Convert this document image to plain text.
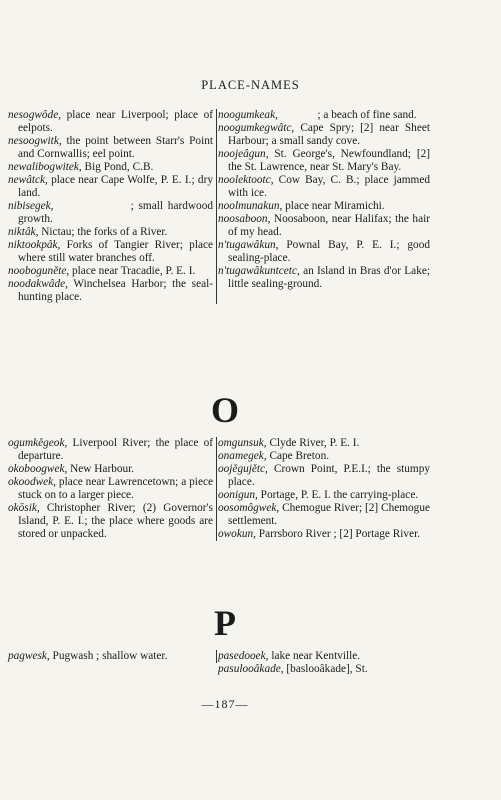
PLACE-NAMES
nesogwôde, place near Liverpool; place of eelpots.
nesoogwitk, the point between Starr's Point and Cornwallis; eel point.
newalibogwitek, Big Pond, C.B.
newâtck, place near Cape Wolfe, P. E. I.; dry land.
nibisegek,                ; small hardwood growth.
niktâk, Nictau; the forks of a River.
niktookpâk, Forks of Tangier River; place where still water branches off.
nooboguněte, place near Tracadie, P. E. I.
noodakwâde, Winchelsea Harbor; the seal-hunting place.
noogumkeak,              ; a beach of fine sand.
noogumkegwâtc, Cape Spry; [2] near Sheet Harbour; a small sandy cove.
noojeâgun, St. George's, Newfoundland; [2] the St. Lawrence, near St. Mary's Bay.
noolektootc, Cow Bay, C. B.; place jammed with ice.
noolmunakun, place near Miramichi.
noosaboon, Noosaboon, near Halifax; the hair of my head.
n'tugawâkun, Pownal Bay, P. E. I.; good sealing-place.
n'tugawâkuntcetc, an Island in Bras d'or Lake; little sealing-ground.
O
ogumkěgeok, Liverpool River; the place of departure.
okoboogwek, New Harbour.
okoodwek, place near Lawrencetown; a piece stuck on to a larger piece.
okōsik, Christopher River; (2) Governor's Island, P. E. I.; the place where goods are stored or unpacked.
omgunsuk, Clyde River, P. E. I.
onamegek, Cape Breton.
oojěgujětc, Crown Point, P.E.I.; the stumpy place.
oonigun, Portage, P. E. I. the carrying-place.
oosomôgwek, Chemogue River; [2] Chemogue settlement.
owokun, Parrsboro River ; [2] Portage River.
P
pagwesk, Pugwash ; shallow water.	pasedooek, lake near Kentville.
pasulooâkade, [baslooâkade], St.
—187—
